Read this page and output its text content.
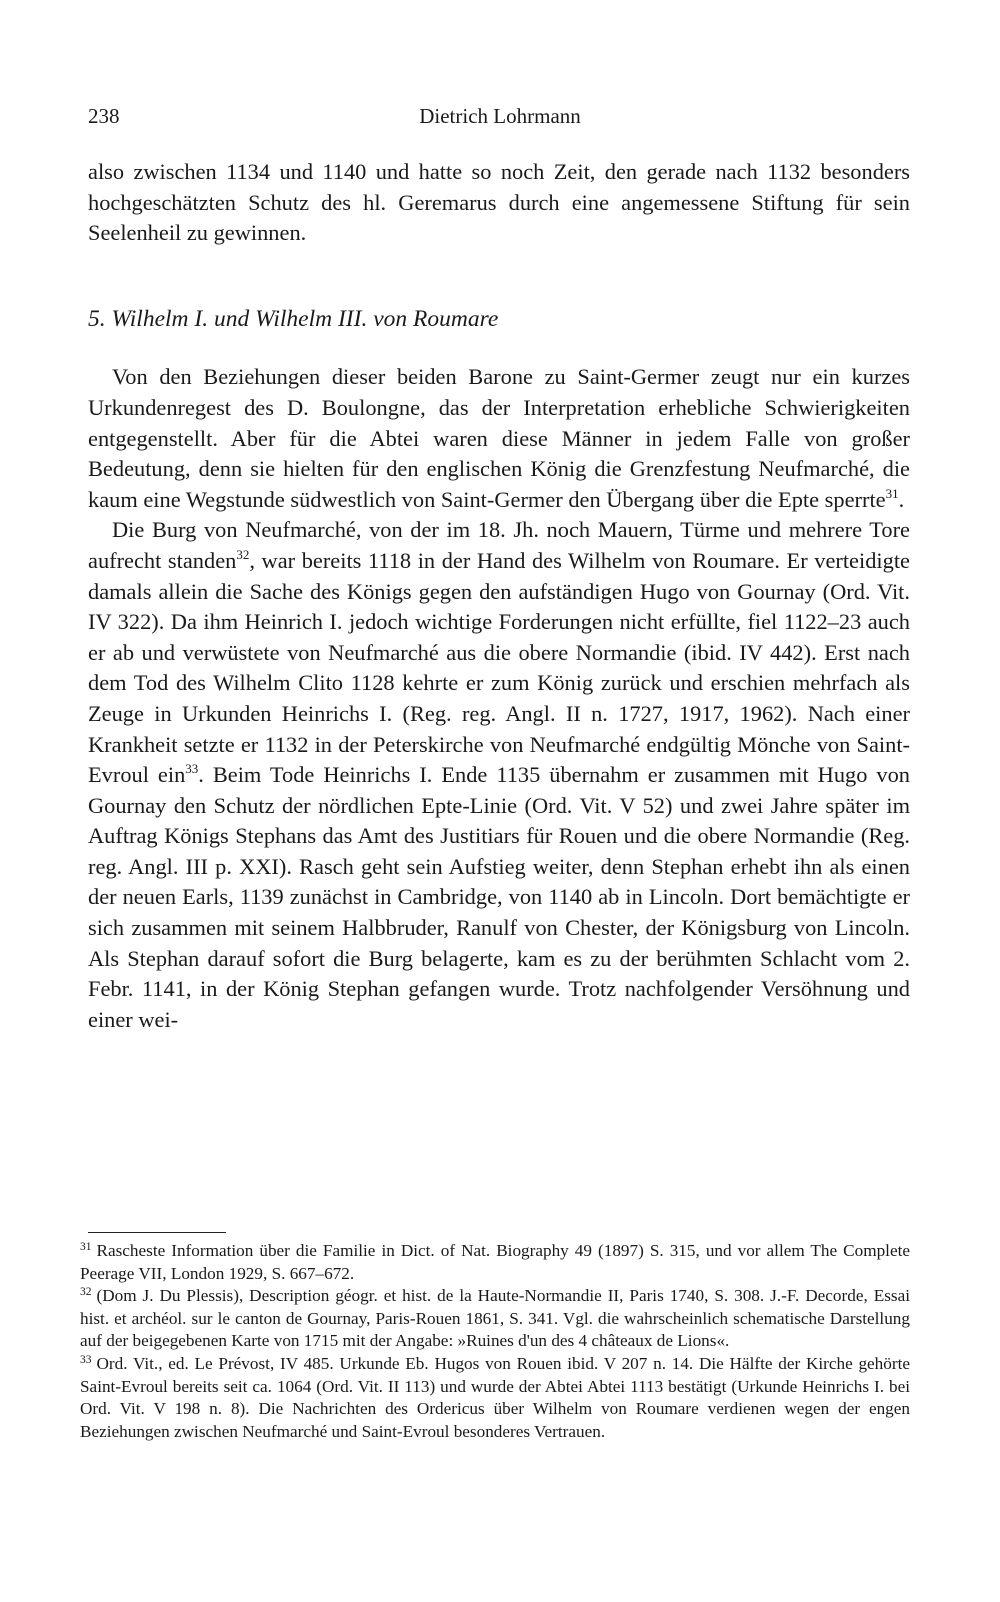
238	Dietrich Lohrmann

also zwischen 1134 und 1140 und hatte so noch Zeit, den gerade nach 1132 besonders hochgeschätzten Schutz des hl. Geremarus durch eine angemessene Stiftung für sein Seelenheil zu gewinnen.

5. Wilhelm I. und Wilhelm III. von Roumare

Von den Beziehungen dieser beiden Barone zu Saint-Germer zeugt nur ein kurzes Urkundenregest des D. Boulongne, das der Interpretation erhebliche Schwierigkeiten entgegenstellt. Aber für die Abtei waren diese Männer in jedem Falle von großer Bedeutung, denn sie hielten für den englischen König die Grenzfestung Neufmarché, die kaum eine Wegstunde südwestlich von Saint-Germer den Übergang über die Epte sperrte$^{31}$.

Die Burg von Neufmarché, von der im 18. Jh. noch Mauern, Türme und mehrere Tore aufrecht standen$^{32}$, war bereits 1118 in der Hand des Wilhelm von Roumare. Er verteidigte damals allein die Sache des Königs gegen den aufständigen Hugo von Gournay (Ord. Vit. IV 322). Da ihm Heinrich I. jedoch wichtige Forderungen nicht erfüllte, fiel 1122–23 auch er ab und verwüstete von Neufmarché aus die obere Normandie (ibid. IV 442). Erst nach dem Tod des Wilhelm Clito 1128 kehrte er zum König zurück und erschien mehrfach als Zeuge in Urkunden Heinrichs I. (Reg. reg. Angl. II n. 1727, 1917, 1962). Nach einer Krankheit setzte er 1132 in der Peterskirche von Neufmarché endgültig Mönche von Saint-Evroul ein$^{33}$. Beim Tode Heinrichs I. Ende 1135 übernahm er zusammen mit Hugo von Gournay den Schutz der nördlichen Epte-Linie (Ord. Vit. V 52) und zwei Jahre später im Auftrag Königs Stephans das Amt des Justitiars für Rouen und die obere Normandie (Reg. reg. Angl. III p. XXI). Rasch geht sein Aufstieg weiter, denn Stephan erhebt ihn als einen der neuen Earls, 1139 zunächst in Cambridge, von 1140 ab in Lincoln. Dort bemächtigte er sich zusammen mit seinem Halbbruder, Ranulf von Chester, der Königsburg von Lincoln. Als Stephan darauf sofort die Burg belagerte, kam es zu der berühmten Schlacht vom 2. Febr. 1141, in der König Stephan gefangen wurde. Trotz nachfolgender Versöhnung und einer wei-

$^{31}$ Rascheste Information über die Familie in Dict. of Nat. Biography 49 (1897) S. 315, und vor allem The Complete Peerage VII, London 1929, S. 667–672.

$^{32}$ (Dom J. Du Plessis), Description géogr. et hist. de la Haute-Normandie II, Paris 1740, S. 308. J.-F. Decorde, Essai hist. et archéol. sur le canton de Gournay, Paris-Rouen 1861, S. 341. Vgl. die wahrscheinlich schematische Darstellung auf der beigegebenen Karte von 1715 mit der Angabe: »Ruines d'un des 4 châteaux de Lions«.

$^{33}$ Ord. Vit., ed. Le Prévost, IV 485. Urkunde Eb. Hugos von Rouen ibid. V 207 n. 14. Die Hälfte der Kirche gehörte Saint-Evroul bereits seit ca. 1064 (Ord. Vit. II 113) und wurde der Abtei Abtei 1113 bestätigt (Urkunde Heinrichs I. bei Ord. Vit. V 198 n. 8). Die Nachrichten des Ordericus über Wilhelm von Roumare verdienen wegen der engen Beziehungen zwischen Neufmarché und Saint-Evroul besonderes Vertrauen.
